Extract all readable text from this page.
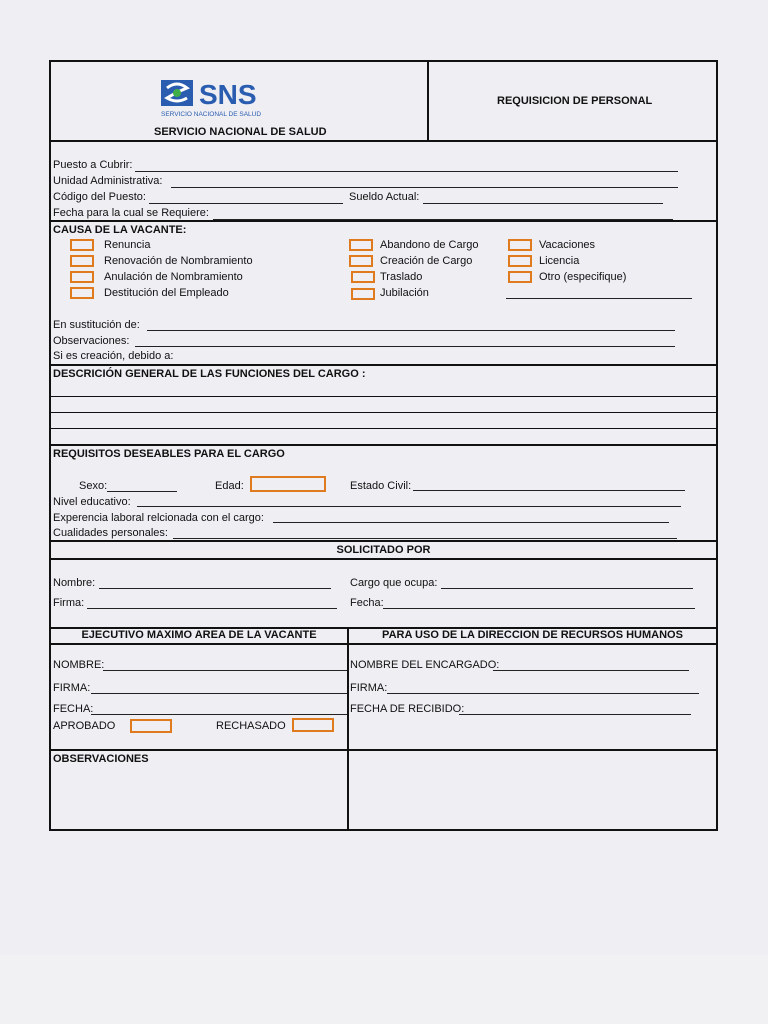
SNS
SERVICIO NACIONAL DE SALUD
SERVICIO NACIONAL DE SALUD
REQUISICION DE PERSONAL
Puesto a Cubrir:
Unidad Administrativa:
Código del Puesto:	Sueldo Actual:
Fecha para la cual se Requiere:
CAUSA DE LA VACANTE:
Renuncia
Renovación de Nombramiento
Anulación de Nombramiento
Destitución del Empleado
Abandono de Cargo
Creación de Cargo
Traslado
Jubilación
Vacaciones
Licencia
Otro (especifique)
En sustitución de:
Observaciones:
Si es creación, debido a:
DESCRICIÓN GENERAL DE LAS FUNCIONES DEL CARGO :
REQUISITOS DESEABLES PARA EL CARGO
Sexo:	Edad:	Estado Civil:
Nivel educativo:
Experencia laboral relcionada con el cargo:
Cualidades personales:
SOLICITADO POR
Nombre:	Cargo que ocupa:
Firma:	Fecha:
EJECUTIVO MAXIMO AREA DE LA VACANTE	PARA USO DE LA DIRECCION DE RECURSOS HUMANOS
NOMBRE:
FIRMA:
FECHA:
APROBADO	RECHASADO
NOMBRE DEL ENCARGADO:
FIRMA:
FECHA DE RECIBIDO:
OBSERVACIONES
